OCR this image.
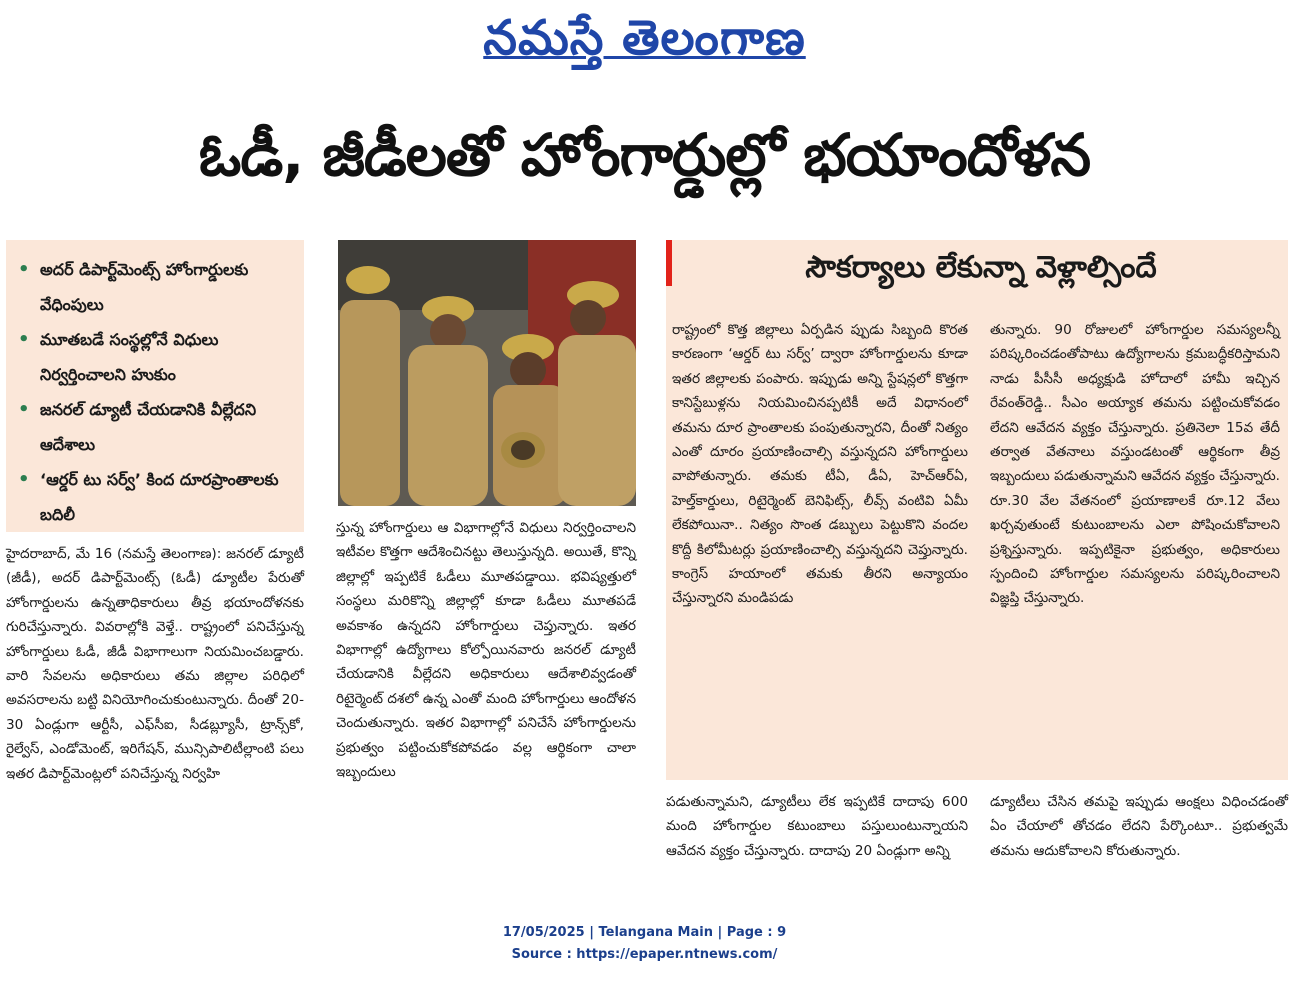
నమస్తే తెలంగాణ
ఓడీ, జీడీలతో హోంగార్డుల్లో భయాందోళన
• అదర్ డిపార్ట్‌మెంట్స్ హోంగార్డులకు వేధింపులు
• మూతబడే సంస్థల్లోనే విధులు నిర్వర్తించాలని హుకుం
• జనరల్ డ్యూటీ చేయడానికి వీల్లేదని ఆదేశాలు
• ‘ఆర్డర్ టు సర్వ్’ కింద దూరప్రాంతాలకు బదిలీ

హైదరాబాద్, మే 16 (నమస్తే తెలంగాణ): జనరల్ డ్యూటీ (జీడీ), అదర్ డిపార్ట్‌మెంట్స్ (ఓడీ) డ్యూటీల పేరుతో హోంగార్డులను ఉన్నతాధికారులు తీవ్ర భయాందోళనకు గురిచేస్తున్నారు. వివరాల్లోకి వెళ్తే.. రాష్ట్రంలో పనిచేస్తున్న హోంగార్డులు ఓడీ, జీడీ విభాగాలుగా నియమించబడ్డారు. వారి సేవలను అధికారులు తమ జిల్లాల పరిధిలో అవసరాలను బట్టి వినియోగించుకుంటున్నారు. దీంతో 20-30 ఏండ్లుగా ఆర్టీసీ, ఎఫ్‌సీఐ, సీడబ్ల్యూసీ, ట్రాన్స్‌కో, రైల్వేస్, ఎండోమెంట్, ఇరిగేషన్, మున్సిపాలిటీల్లాంటి పలు ఇతర డిపార్ట్‌మెంట్లలో పనిచేస్తున్న నిర్వహి

స్తున్న హోంగార్డులు ఆ విభాగాల్లోనే విధులు నిర్వర్తించాలని ఇటీవల కొత్తగా ఆదేశించినట్టు తెలుస్తున్నది. అయితే, కొన్ని జిల్లాల్లో ఇప్పటికే ఓడీలు మూతపడ్డాయి. భవిష్యత్తులో సంస్థలు మరికొన్ని జిల్లాల్లో కూడా ఓడీలు మూతపడే అవకాశం ఉన్నదని హోంగార్డులు చెప్తున్నారు. ఇతర విభాగాల్లో ఉద్యోగాలు కోల్పోయినవారు జనరల్ డ్యూటీ చేయడానికి వీల్లేదని అధికారులు ఆదేశాలివ్వడంతో రిటైర్మెంట్ దశలో ఉన్న ఎంతో మంది హోంగార్డులు ఆందోళన చెందుతున్నారు. ఇతర విభాగాల్లో పనిచేసే హోంగార్డులను ప్రభుత్వం పట్టించుకోకపోవడం వల్ల ఆర్థికంగా చాలా ఇబ్బందులు

సౌకర్యాలు లేకున్నా వెళ్లాల్సిందే

రాష్ట్రంలో కొత్త జిల్లాలు ఏర్పడిన ప్పుడు సిబ్బంది కొరత కారణంగా ‘ఆర్డర్ టు సర్వ్’ ద్వారా హోంగార్డులను కూడా ఇతర జిల్లాలకు పంపారు. ఇప్పుడు అన్ని స్టేషన్లలో కొత్తగా కానిస్టేబుళ్లను నియమించినప్పటికీ అదే విధానంలో తమను దూర ప్రాంతాలకు పంపుతున్నారని, దీంతో నిత్యం ఎంతో దూరం ప్రయాణించాల్సి వస్తున్నదని హోంగార్డులు వాపోతున్నారు. తమకు టీఏ, డీఏ, హెచ్‌ఆర్‌ఏ, హెల్త్‌కార్డులు, రిటైర్మెంట్ బెనిఫిట్స్, లీవ్స్ వంటివి ఏమీ లేకపోయినా.. నిత్యం సొంత డబ్బులు పెట్టుకొని వందల కొద్దీ కిలోమీటర్లు ప్రయాణించాల్సి వస్తున్నదని చెప్తున్నారు. కాంగ్రెస్ హయాంలో తమకు తీరని అన్యాయం చేస్తున్నారని మండిపడు

తున్నారు. 90 రోజులలో హోంగార్డుల సమస్యలన్నీ పరిష్కరించడంతోపాటు ఉద్యోగాలను క్రమబద్ధీకరిస్తామని నాడు పీసీసీ అధ్యక్షుడి హోదాలో హామీ ఇచ్చిన రేవంత్‌రెడ్డి.. సీఎం అయ్యాక తమను పట్టించుకోవడం లేదని ఆవేదన వ్యక్తం చేస్తున్నారు. ప్రతినెలా 15వ తేదీ తర్వాత వేతనాలు వస్తుండటంతో ఆర్థికంగా తీవ్ర ఇబ్బందులు పడుతున్నామని ఆవేదన వ్యక్తం చేస్తున్నారు. రూ.30 వేల వేతనంలో ప్రయాణాలకే రూ.12 వేలు ఖర్చవుతుంటే కుటుంబాలను ఎలా పోషించుకోవాలని ప్రశ్నిస్తున్నారు. ఇప్పటికైనా ప్రభుత్వం, అధికారులు స్పందించి హోంగార్డుల సమస్యలను పరిష్కరించాలని విజ్ఞప్తి చేస్తున్నారు.

పడుతున్నామని, డ్యూటీలు లేక ఇప్పటికే దాదాపు 600 మంది హోంగార్డుల కటుంబాలు పస్తులుంటున్నాయని ఆవేదన వ్యక్తం చేస్తున్నారు. దాదాపు 20 ఏండ్లుగా అన్ని

డ్యూటీలు చేసిన తమపై ఇప్పుడు ఆంక్షలు విధించడంతో ఏం చేయాలో తోచడం లేదని పేర్కొంటూ.. ప్రభుత్వమే తమను ఆదుకోవాలని కోరుతున్నారు.

17/05/2025 | Telangana Main | Page : 9
Source : https://epaper.ntnews.com/
